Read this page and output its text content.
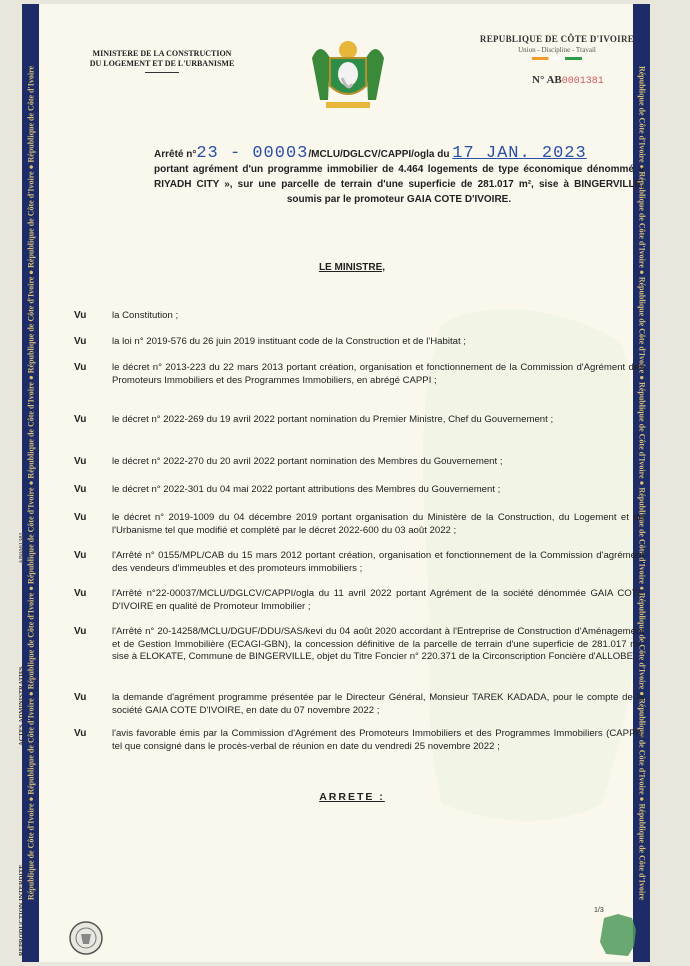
République de Côte d'Ivoire ● République de Côte d'Ivoire ● République de Côte d'Ivoire ● République de Côte d'Ivoire ● République de Côte d'Ivoire ● République de Côte d'Ivoire ● République de Côte d'Ivoire ● République de Côte d'Ivoire	République de Côte d'Ivoire ● République de Côte d'Ivoire ● République de Côte d'Ivoire ● République de Côte d'Ivoire ● République de Côte d'Ivoire ● République de Côte d'Ivoire ● République de Côte d'Ivoire ● République de Côte d'Ivoire
AB0001381
ACTES ADMINISTRATIFS
REPRODUCTION INTERDITE
MINISTERE DE LA CONSTRUCTION
DU LOGEMENT ET DE L'URBANISME
REPUBLIQUE DE CÔTE D'IVOIRE
Union - Discipline - Travail
N° AB0001381
Arrêté n°23 - 00003/MCLU/DGLCV/CAPPI/ogla du 17 JAN. 2023
portant agrément d'un programme immobilier de 4.464 logements de type économique dénommé « RIYADH CITY », sur une parcelle de terrain d'une superficie de 281.017 m², sise à BINGERVILLE, soumis par le promoteur GAIA COTE D'IVOIRE.
LE MINISTRE,
Vu	la Constitution ;
Vu	la loi n° 2019-576 du 26 juin 2019 instituant code de la Construction et de l'Habitat ;
Vu	le décret n° 2013-223 du 22 mars 2013 portant création, organisation et fonctionnement de la Commission d'Agrément des Promoteurs Immobiliers et des Programmes Immobiliers, en abrégé CAPPI ;
Vu	le décret n° 2022-269 du 19 avril 2022 portant nomination du Premier Ministre, Chef du Gouvernement ;
Vu	le décret n° 2022-270 du 20 avril 2022 portant nomination des Membres du Gouvernement ;
Vu	le décret n° 2022-301 du 04 mai 2022 portant attributions des Membres du Gouvernement ;
Vu	le décret n° 2019-1009 du 04 décembre 2019 portant organisation du Ministère de la Construction, du Logement et de l'Urbanisme tel que modifié et complété par le décret 2022-600 du 03 août 2022 ;
Vu	l'Arrêté n° 0155/MPL/CAB du 15 mars 2012 portant création, organisation et fonctionnement de la Commission d'agrément des vendeurs d'immeubles et des promoteurs immobiliers ;
Vu	l'Arrêté n°22-00037/MCLU/DGLCV/CAPPI/ogla du 11 avril 2022 portant Agrément de la société dénommée GAIA COTE D'IVOIRE en qualité de Promoteur Immobilier ;
Vu	l'Arrêté n° 20-14258/MCLU/DGUF/DDU/SAS/kevi du 04 août 2020 accordant à l'Entreprise de Construction d'Aménagement et de Gestion Immobilière (ECAGI-GBN), la concession définitive de la parcelle de terrain d'une superficie de 281.017 m², sise à ELOKATE, Commune de BINGERVILLE, objet du Titre Foncier n° 220.371 de la Circonscription Foncière d'ALLOBE ;
Vu	la demande d'agrément programme présentée par le Directeur Général, Monsieur TAREK KADADA, pour le compte de la société GAIA COTE D'IVOIRE, en date du 07 novembre 2022 ;
Vu	l'avis favorable émis par la Commission d'Agrément des Promoteurs Immobiliers et des Programmes Immobiliers (CAPPI), tel que consigné dans le procès-verbal de réunion en date du vendredi 25 novembre 2022 ;
ARRETE :
1/3
